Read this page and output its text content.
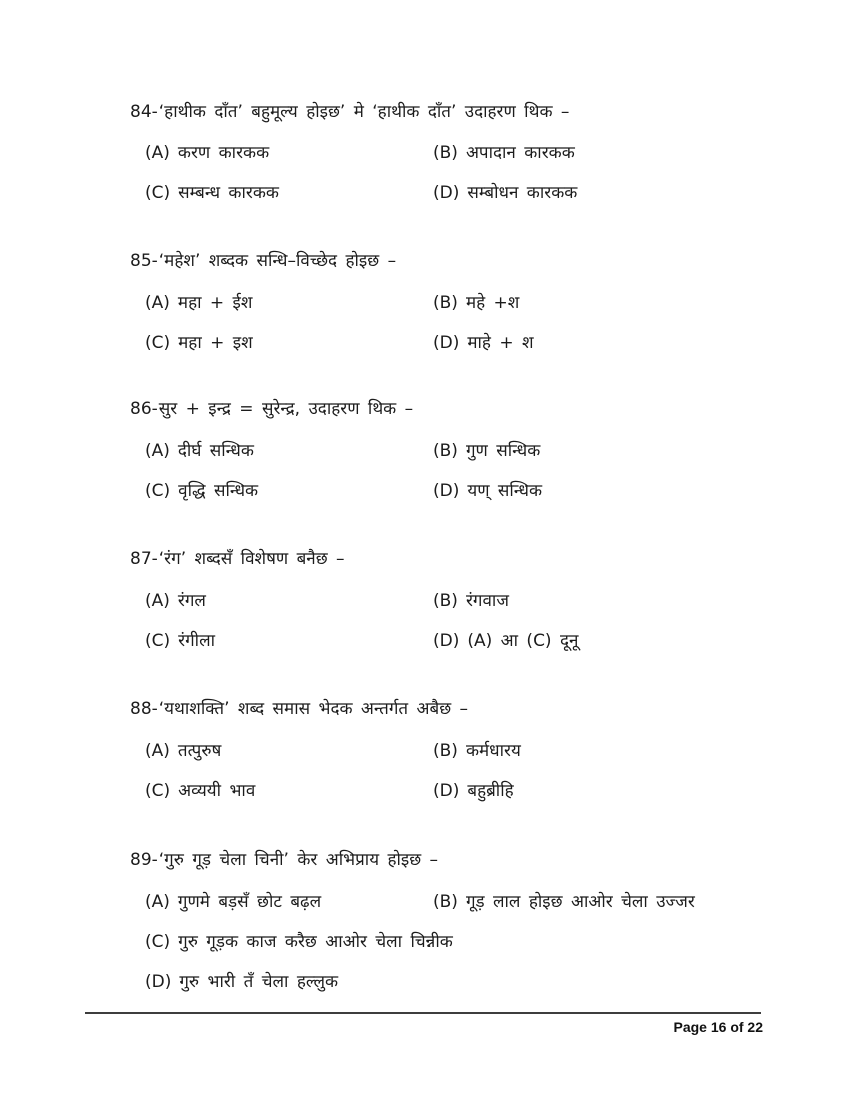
84-‘हाथीक दाँत’ बहुमूल्य होइछ’ मे ‘हाथीक दाँत’ उदाहरण थिक –
(A) करण कारकक	(B) अपादान कारकक
(C) सम्बन्ध कारकक	(D) सम्बोधन कारकक
85-‘महेश’ शब्दक सन्धि–विच्छेद होइछ –
(A) महा + ईश	(B) महे +श
(C) महा + इश	(D) माहे + श
86-सुर + इन्द्र = सुरेन्द्र, उदाहरण थिक –
(A) दीर्घ सन्धिक	(B) गुण सन्धिक
(C) वृद्धि सन्धिक	(D) यण् सन्धिक
87-‘रंग’ शब्दसँ विशेषण बनैछ –
(A) रंगल	(B) रंगवाज
(C) रंगीला	(D) (A) आ (C) दूनू
88-‘यथाशक्ति’ शब्द समास भेदक अन्तर्गत अबैछ –
(A) तत्पुरुष	(B) कर्मधारय
(C) अव्ययी भाव	(D) बहुब्रीहि
89-‘गुरु गूड़ चेला चिनी’ केर अभिप्राय होइछ –
(A) गुणमे बड़सँ छोट बढ़ल	(B) गूड़ लाल होइछ आओर चेला उज्जर
(C) गुरु गूड़क काज करैछ आओर चेला चिन्नीक
(D) गुरु भारी तँ चेला हल्लुक
Page 16 of 22
